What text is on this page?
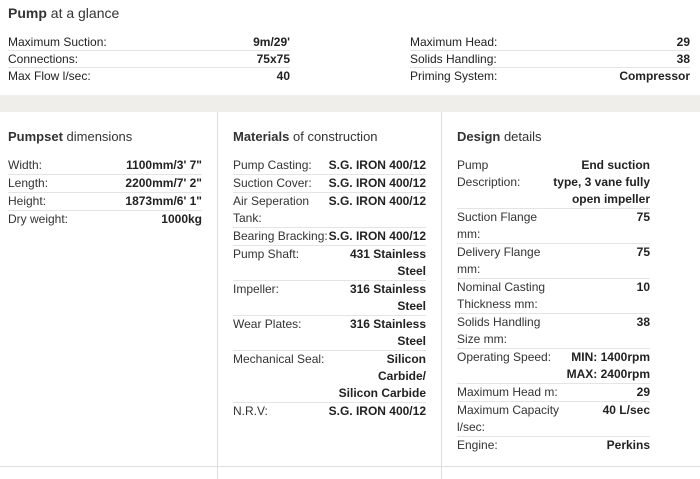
Pump at a glance
Maximum Suction:	9m/29'
Connections:	75x75
Max Flow l/sec:	40
Maximum Head:	29
Solids Handling:	38
Priming System:	Compressor
Pumpset dimensions
Width:	1100mm/3' 7"
Length:	2200mm/7' 2"
Height:	1873mm/6' 1"
Dry weight:	1000kg
Materials of construction
Pump Casting: S.G. IRON 400/12
Suction Cover: S.G. IRON 400/12
Air Seperation Tank:
S.G. IRON 400/12
Bearing Bracking: S.G. IRON 400/12
Pump Shaft:	431 Stainless Steel
Impeller:	316 Stainless Steel
Wear Plates:	316 Stainless Steel
Mechanical Seal:	Silicon Carbide/ Silicon Carbide
N.R.V:	S.G. IRON 400/12
Design details
Pump Description:
End suction type, 3 vane fully open impeller
Suction Flange mm:
75
Delivery Flange mm:
75
Nominal Casting Thickness mm:
10
Solids Handling Size mm:
38
Operating Speed:	MIN: 1400rpm MAX: 2400rpm
Maximum Head m:	29
Maximum Capacity l/sec:
40 L/sec
Engine:	Perkins
